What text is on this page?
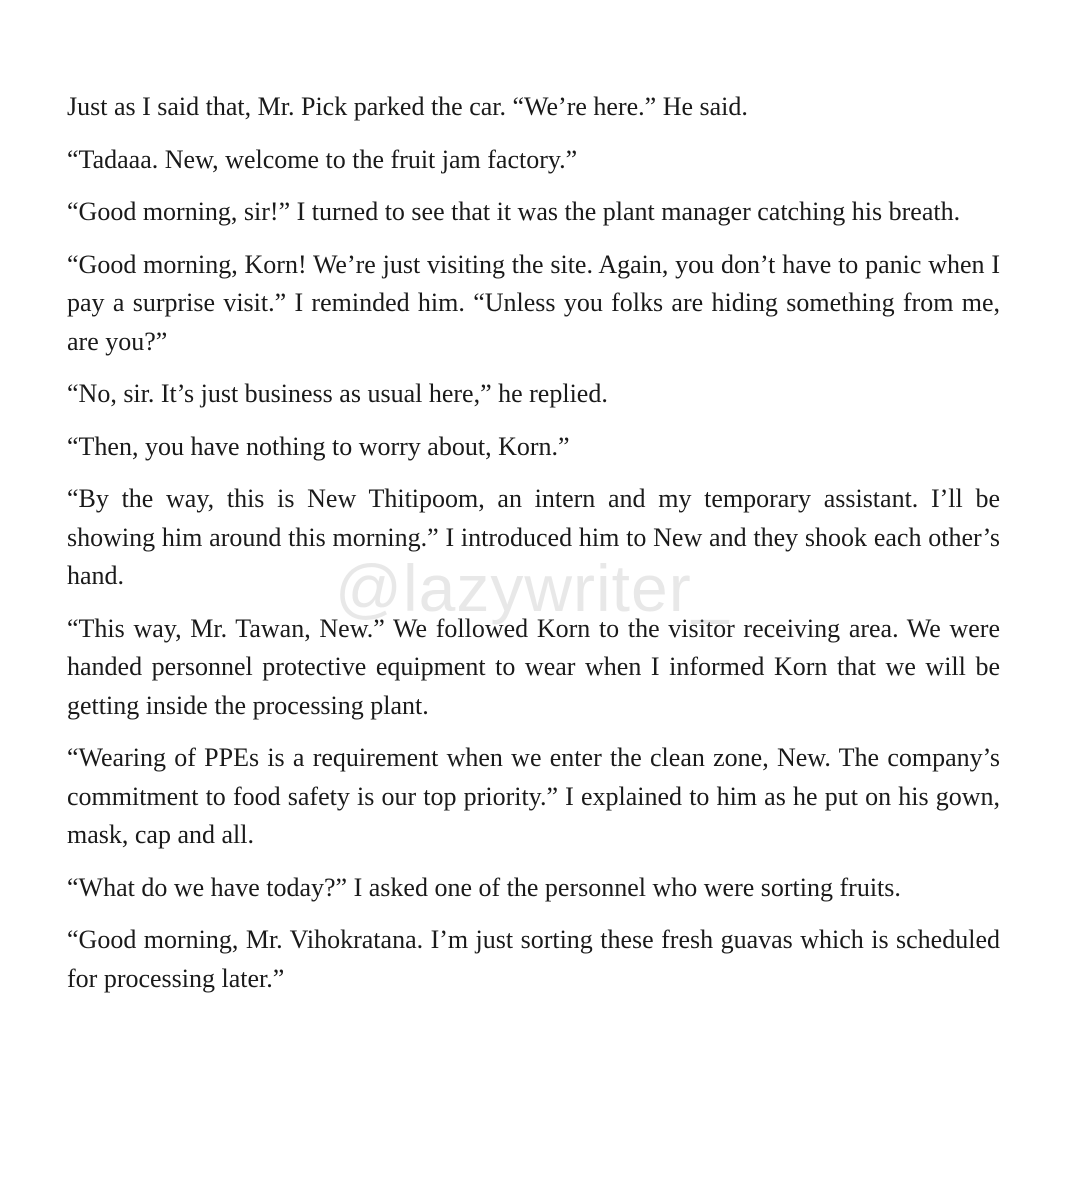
Just as I said that, Mr. Pick parked the car. “We’re here.” He said.

“Tadaaa. New, welcome to the fruit jam factory.”

“Good morning, sir!” I turned to see that it was the plant manager catching his breath.

“Good morning, Korn! We’re just visiting the site. Again, you don’t have to panic when I pay a surprise visit.” I reminded him. “Unless you folks are hiding something from me, are you?”

“No, sir. It’s just business as usual here,” he replied.

“Then, you have nothing to worry about, Korn.”

“By the way, this is New Thitipoom, an intern and my temporary assistant. I’ll be showing him around this morning.” I introduced him to New and they shook each other’s hand.

“This way, Mr. Tawan, New.” We followed Korn to the visitor receiving area. We were handed personnel protective equipment to wear when I informed Korn that we will be getting inside the processing plant.

“Wearing of PPEs is a requirement when we enter the clean zone, New. The company’s commitment to food safety is our top priority.” I explained to him as he put on his gown, mask, cap and all.

“What do we have today?” I asked one of the personnel who were sorting fruits.

“Good morning, Mr. Vihokratana. I’m just sorting these fresh guavas which is scheduled for processing later.”

@lazywriter_
